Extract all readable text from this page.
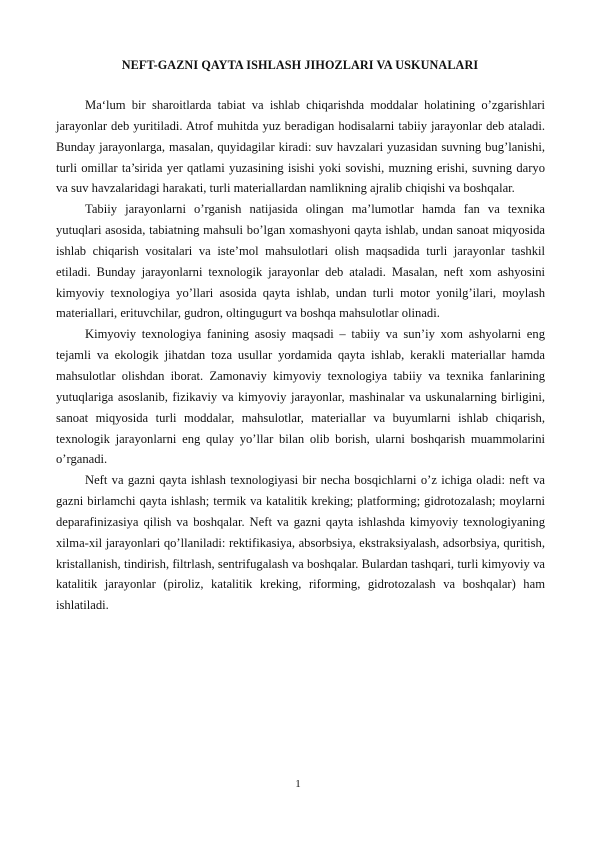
NEFT-GAZNI QAYTA ISHLASH JIHOZLARI VA USKUNALARI

Ma‘lum bir sharoitlarda tabiat va ishlab chiqarishda moddalar holatining o’zgarishlari jarayonlar deb yuritiladi. Atrof muhitda yuz beradigan hodisalarni tabiiy jarayonlar deb ataladi. Bunday jarayonlarga, masalan, quyidagilar kiradi: suv havzalari yuzasidan suvning bug’lanishi, turli omillar ta’sirida yer qatlami yuzasining isishi yoki sovishi, muzning erishi, suvning daryo va suv havzalaridagi harakati, turli materiallardan namlikning ajralib chiqishi va boshqalar.

Tabiiy jarayonlarni o’rganish natijasida olingan ma’lumotlar hamda fan va texnika yutuqlari asosida, tabiatning mahsuli bo’lgan xomashyoni qayta ishlab, undan sanoat miqyosida ishlab chiqarish vositalari va iste’mol mahsulotlari olish maqsadida turli jarayonlar tashkil etiladi. Bunday jarayonlarni texnologik jarayonlar deb ataladi. Masalan, neft xom ashyosini kimyoviy texnologiya yo’llari asosida qayta ishlab, undan turli motor yonilg’ilari, moylash materiallari, erituvchilar, gudron, oltingugurt va boshqa mahsulotlar olinadi.

Kimyoviy texnologiya fanining asosiy maqsadi – tabiiy va sun’iy xom ashyolarni eng tejamli va ekologik jihatdan toza usullar yordamida qayta ishlab, kerakli materiallar hamda mahsulotlar olishdan iborat. Zamonaviy kimyoviy texnologiya tabiiy va texnika fanlarining yutuqlariga asoslanib, fizikaviy va kimyoviy jarayonlar, mashinalar va uskunalarning birligini, sanoat miqyosida turli moddalar, mahsulotlar, materiallar va buyumlarni ishlab chiqarish, texnologik jarayonlarni eng qulay yo’llar bilan olib borish, ularni boshqarish muammolarini o’rganadi.

Neft va gazni qayta ishlash texnologiyasi bir necha bosqichlarni o’z ichiga oladi: neft va gazni birlamchi qayta ishlash; termik va katalitik kreking; platforming; gidrotozalash; moylarni deparafinizasiya qilish va boshqalar. Neft va gazni qayta ishlashda kimyoviy texnologiyaning xilma-xil jarayonlari qo’llaniladi: rektifikasiya, absorbsiya, ekstraksiyalash, adsorbsiya, quritish, kristallanish, tindirish, filtrlash, sentrifugalash va boshqalar. Bulardan tashqari, turli kimyoviy va katalitik jarayonlar (piroliz, katalitik kreking, riforming, gidrotozalash va boshqalar) ham ishlatiladi.

1
